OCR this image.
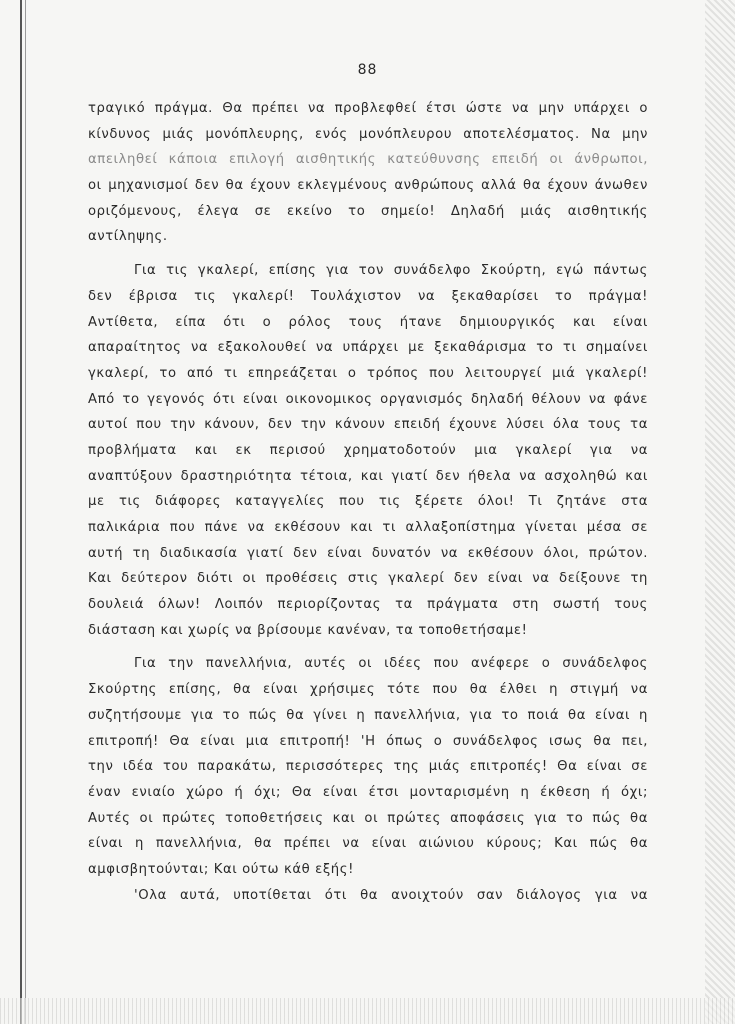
88
τραγικό πράγμα. Θα πρέπει να προβλεφθεί έτσι ώστε να μην υπάρχει ο
κίνδυνος μιάς μονόπλευρης, ενός μονόπλευρου αποτελέσματος. Να μην
απειληθεί κάποια επιλογή αισθητικής κατεύθυνσης επειδή οι άνθρωποι,
οι μηχανισμοί δεν θα έχουν εκλεγμένους ανθρώπους αλλά θα έχουν άνωθεν
οριζόμενους, έλεγα σε εκείνο το σημείο! Δηλαδή μιάς αισθητικής
αντίληψης.
Για τις γκαλερί, επίσης για τον συνάδελφο Σκούρτη, εγώ πάντως
δεν έβρισα τις γκαλερί! Τουλάχιστον να ξεκαθαρίσει το πράγμα!
Αντίθετα, είπα ότι ο ρόλος τους ήτανε δημιουργικός και είναι
απαραίτητος να εξακολουθεί να υπάρχει με ξεκαθάρισμα το τι σημαίνει
γκαλερί, το από τι επηρεάζεται ο τρόπος που λειτουργεί μιά γκαλερί!
Από το γεγονός ότι είναι οικονομικος οργανισμός δηλαδή θέλουν να φάνε
αυτοί που την κάνουν, δεν την κάνουν επειδή έχουνε λύσει όλα τους τα
προβλήματα και εκ περισού χρηματοδοτούν μια γκαλερί για να
αναπτύξουν δραστηριότητα τέτοια, και γιατί δεν ήθελα να ασχοληθώ και
με τις διάφορες καταγγελίες που τις ξέρετε όλοι! Τι ζητάνε στα
παλικάρια που πάνε να εκθέσουν και τι αλλαξοπίστημα γίνεται μέσα σε
αυτή τη διαδικασία γιατί δεν είναι δυνατόν να εκθέσουν όλοι, πρώτον.
Και δεύτερον διότι οι προθέσεις στις γκαλερί δεν είναι να δείξουνε τη
δουλειά όλων! Λοιπόν περιορίζοντας τα πράγματα στη σωστή τους
διάσταση και χωρίς να βρίσουμε κανέναν, τα τοποθετήσαμε!
Για την πανελλήνια, αυτές οι ιδέες που ανέφερε ο συνάδελφος
Σκούρτης επίσης, θα είναι χρήσιμες τότε που θα έλθει η στιγμή να
συζητήσουμε για το πώς θα γίνει η πανελλήνια, για το ποιά θα είναι η
επιτροπή! Θα είναι μια επιτροπή! 'Η όπως ο συνάδελφος ισως θα πει,
την ιδέα του παρακάτω, περισσότερες της μιάς επιτροπές! Θα είναι σε
έναν ενιαίο χώρο ή όχι; Θα είναι έτσι μονταρισμένη η έκθεση ή όχι;
Αυτές οι πρώτες τοποθετήσεις και οι πρώτες αποφάσεις για το πώς θα
είναι η πανελλήνια, θα πρέπει να είναι αιώνιου κύρους; Και πώς θα
αμφισβητούνται; Και ούτω κάθ εξής!
'Ολα αυτά, υποτίθεται ότι θα ανοιχτούν σαν διάλογος για να
